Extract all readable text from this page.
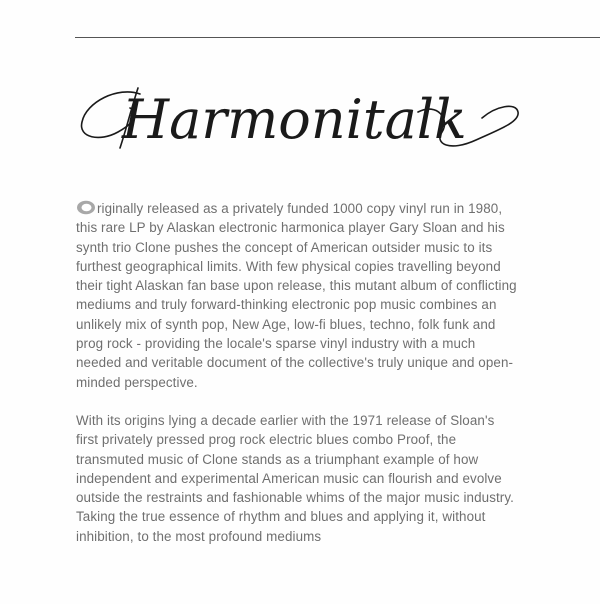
Harmonitalk

riginally released as a privately funded 1000 copy vinyl run in 1980, this rare LP by Alaskan electronic harmonica player Gary Sloan and his synth trio Clone pushes the concept of American outsider music to its furthest geographical limits. With few physical copies travelling beyond their tight Alaskan fan base upon release, this mutant album of conflicting mediums and truly forward-thinking electronic pop music combines an unlikely mix of synth pop, New Age, low-fi blues, techno, folk funk and prog rock - providing the locale's sparse vinyl industry with a much needed and veritable document of the collective's truly unique and open-minded perspective.

With its origins lying a decade earlier with the 1971 release of Sloan's first privately pressed prog rock electric blues combo Proof, the transmuted music of Clone stands as a triumphant example of how independent and experimental American music can flourish and evolve outside the restraints and fashionable whims of the major music industry. Taking the true essence of rhythm and blues and applying it, without inhibition, to the most profound mediums
